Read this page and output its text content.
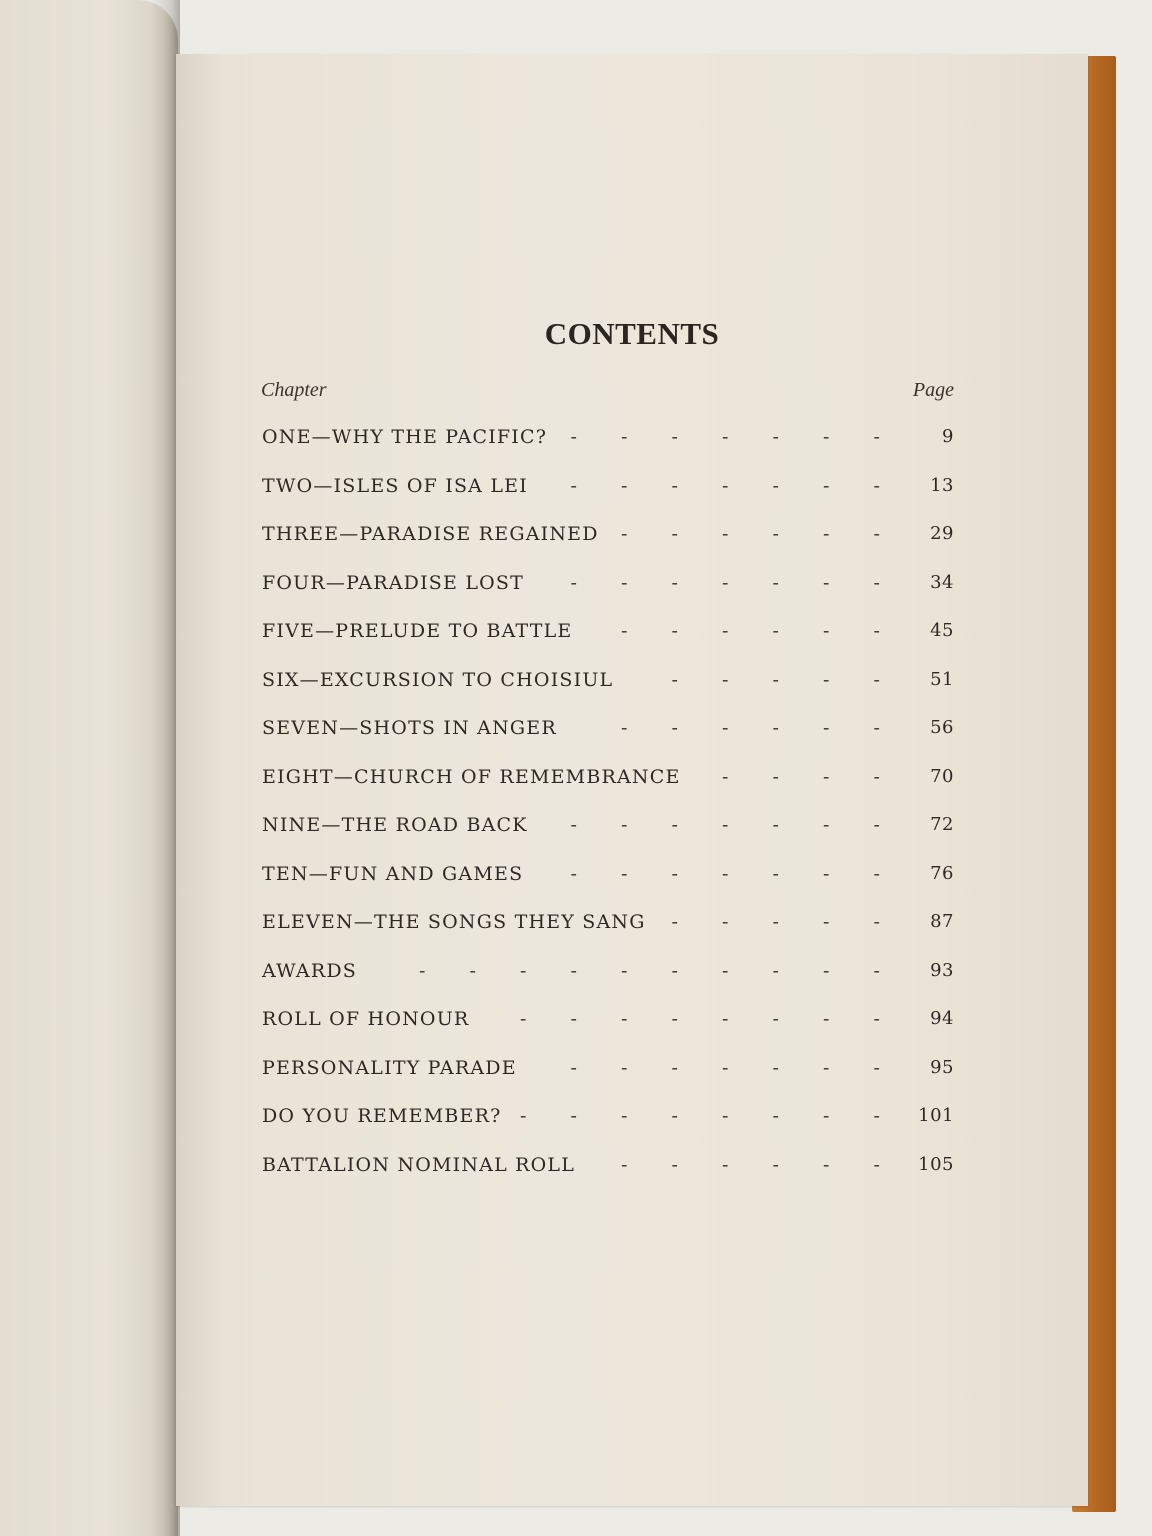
CONTENTS
Chapter	Page
ONE—WHY THE PACIFIC?	- - - - - - -	9
TWO—ISLES OF ISA LEI	- - - - - - -	13
THREE—PARADISE REGAINED	- - - - - -	29
FOUR—PARADISE LOST	- - - - - - -	34
FIVE—PRELUDE TO BATTLE	- - - - - -	45
SIX—EXCURSION TO CHOISIUL	- - - - -	51
SEVEN—SHOTS IN ANGER	- - - - - -	56
EIGHT—CHURCH OF REMEMBRANCE	- - - -	70
NINE—THE ROAD BACK	- - - - - - -	72
TEN—FUN AND GAMES	- - - - - - -	76
ELEVEN—THE SONGS THEY SANG	- - - - -	87
AWARDS	- - - - - - - - - -	93
ROLL OF HONOUR	- - - - - - - -	94
PERSONALITY PARADE	- - - - - - -	95
DO YOU REMEMBER? - - - - - - - -	101
BATTALION NOMINAL ROLL	- - - - - -	105
